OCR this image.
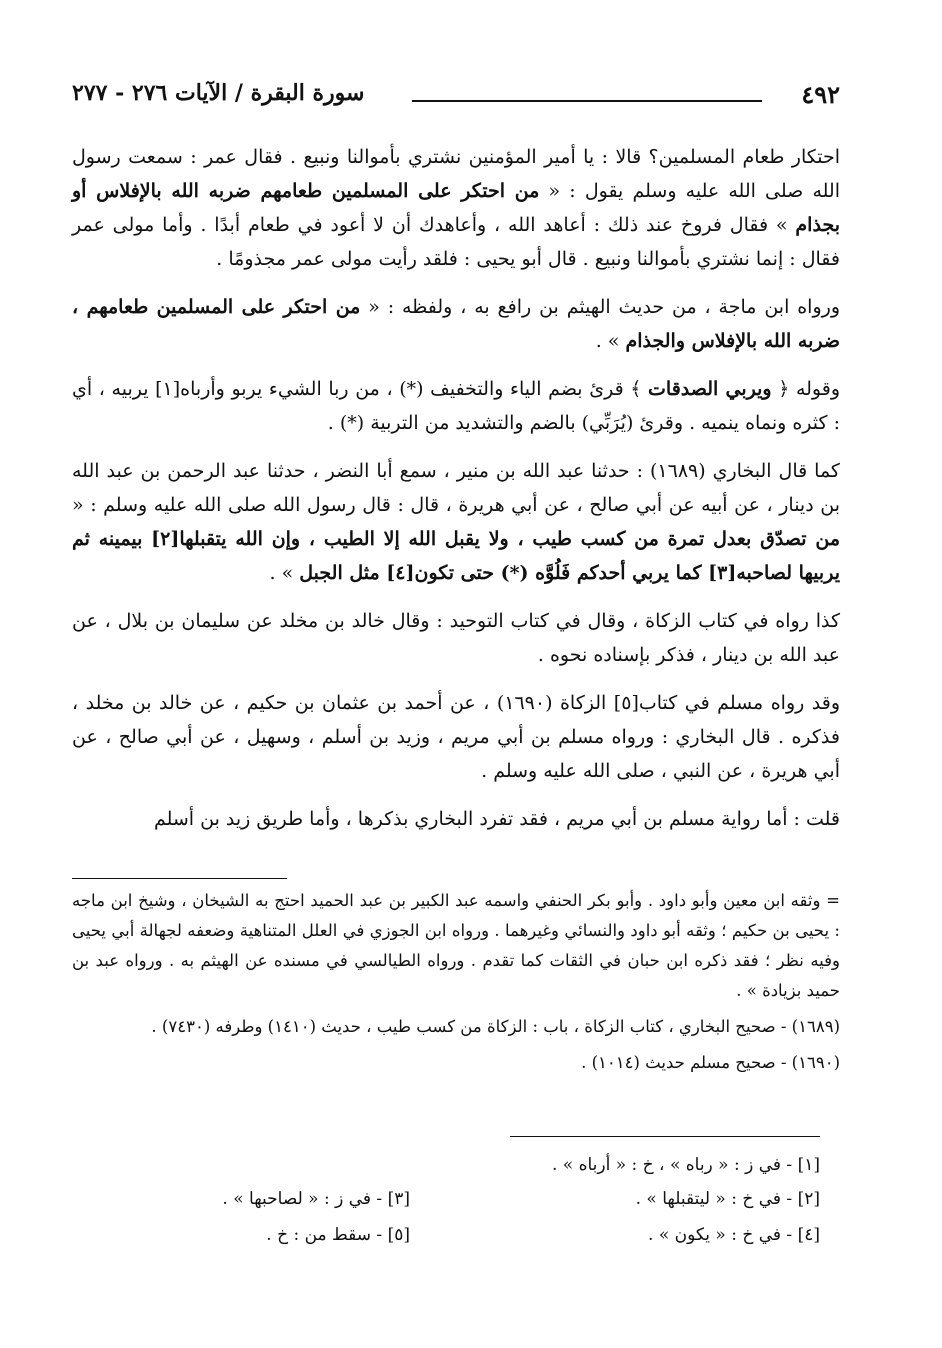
٤٩٢
سورة البقرة / الآيات ٢٧٦ - ٢٧٧

احتكار طعام المسلمين؟ قالا : يا أمير المؤمنين نشتري بأموالنا ونبيع . فقال عمر : سمعت رسول الله صلى الله عليه وسلم يقول : « من احتكر على المسلمين طعامهم ضربه الله بالإفلاس أو بجذام » فقال فروخ عند ذلك : أعاهد الله ، وأعاهدك أن لا أعود في طعام أبدًا . وأما مولى عمر فقال : إنما نشتري بأموالنا ونبيع . قال أبو يحيى : فلقد رأيت مولى عمر مجذومًا .

ورواه ابن ماجة ، من حديث الهيثم بن رافع به ، ولفظه : « من احتكر على المسلمين طعامهم ، ضربه الله بالإفلاس والجذام » .

وقوله ﴿ ويربي الصدقات ﴾ قرئ بضم الياء والتخفيف (*) ، من ربا الشيء يربو وأرباه[١] يربيه ، أي : كثره ونماه ينميه . وقرئ (يُرَبِّي) بالضم والتشديد من التربية (*) .

كما قال البخاري (١٦٨٩) : حدثنا عبد الله بن منير ، سمع أبا النضر ، حدثنا عبد الرحمن بن عبد الله بن دينار ، عن أبيه عن أبي صالح ، عن أبي هريرة ، قال : قال رسول الله صلى الله عليه وسلم : « من تصدّق بعدل تمرة من كسب طيب ، ولا يقبل الله إلا الطيب ، وإن الله يتقبلها[٢] بيمينه ثم يربيها لصاحبه[٣] كما يربي أحدكم فَلُوَّه (*) حتى تكون[٤] مثل الجبل » .

كذا رواه في كتاب الزكاة ، وقال في كتاب التوحيد : وقال خالد بن مخلد عن سليمان بن بلال ، عن عبد الله بن دينار ، فذكر بإسناده نحوه .

وقد رواه مسلم في كتاب[٥] الزكاة (١٦٩٠) ، عن أحمد بن عثمان بن حكيم ، عن خالد بن مخلد ، فذكره . قال البخاري : ورواه مسلم بن أبي مريم ، وزيد بن أسلم ، وسهيل ، عن أبي صالح ، عن أبي هريرة ، عن النبي ، صلى الله عليه وسلم .

قلت : أما رواية مسلم بن أبي مريم ، فقد تفرد البخاري بذكرها ، وأما طريق زيد بن أسلم

= وثقه ابن معين وأبو داود . وأبو بكر الحنفي واسمه عبد الكبير بن عبد الحميد احتج به الشيخان ، وشيخ ابن ماجه : يحيى بن حكيم ؛ وثقه أبو داود والنسائي وغيرهما . ورواه ابن الجوزي في العلل المتناهية وضعفه لجهالة أبي يحيى وفيه نظر ؛ فقد ذكره ابن حبان في الثقات كما تقدم . ورواه الطيالسي في مسنده عن الهيثم به . ورواه عبد بن حميد بزيادة » .

(١٦٨٩) - صحيح البخاري ، كتاب الزكاة ، باب : الزكاة من كسب طيب ، حديث (١٤١٠) وطرفه (٧٤٣٠) .

(١٦٩٠) - صحيح مسلم حديث (١٠١٤) .

[١] - في ز : « رباه » ، خ : « أرباه » .
[٢] - في خ : « ليتقبلها » .
[٣] - في ز : « لصاحبها » .
[٤] - في خ : « يكون » .
[٥] - سقط من : خ .
